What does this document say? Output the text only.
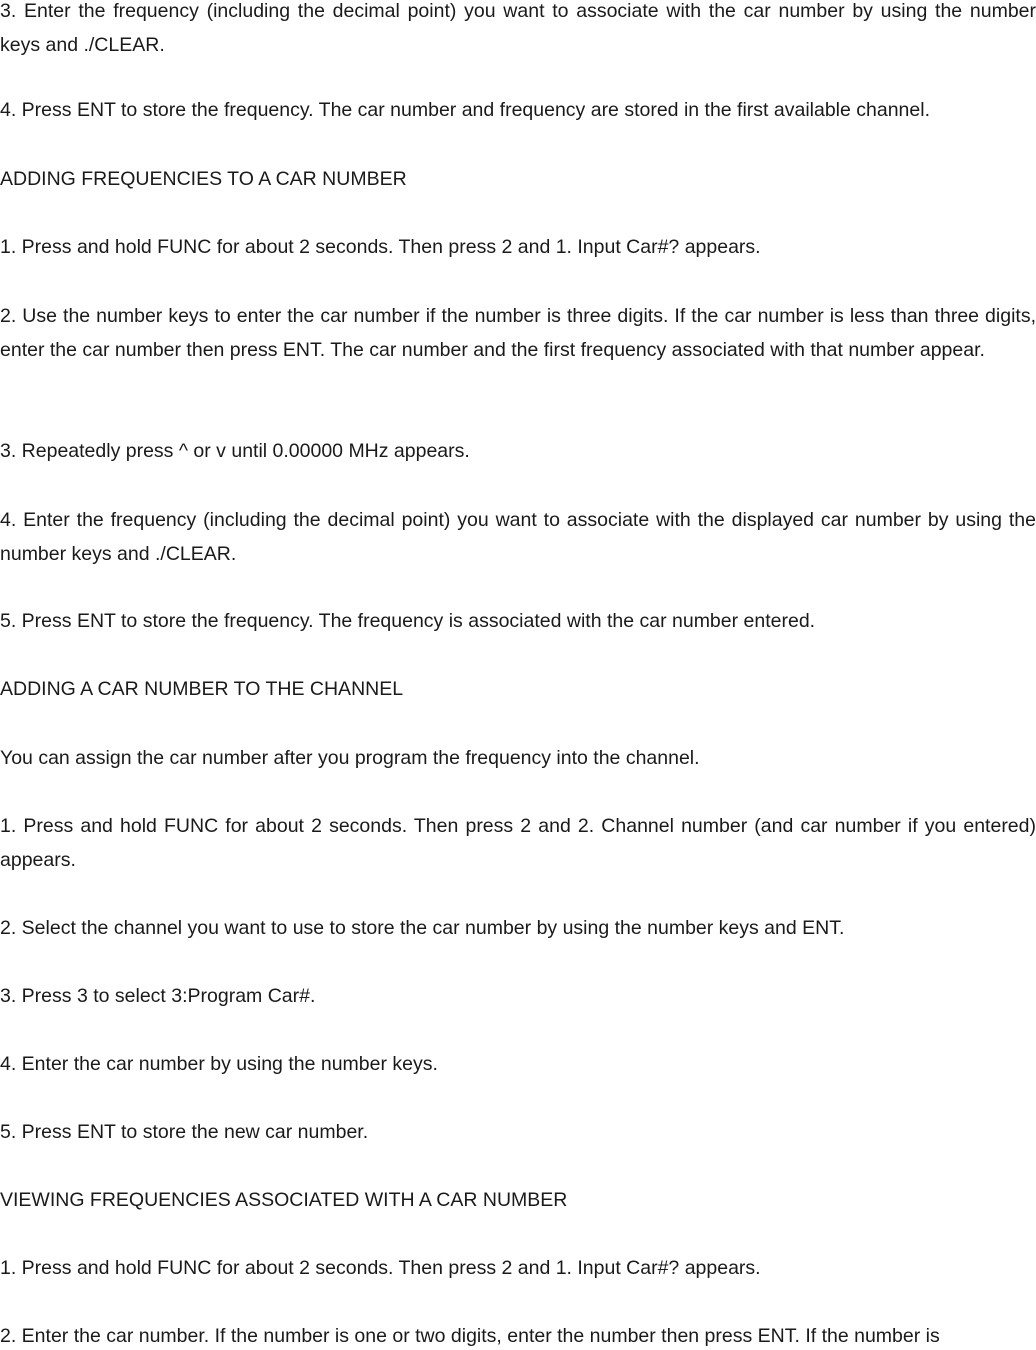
3. Enter the frequency (including the decimal point) you want to associate with the car number by using the number keys and ./CLEAR.

4. Press ENT to store the frequency. The car number and frequency are stored in the first available channel.

ADDING FREQUENCIES TO A CAR NUMBER

1. Press and hold FUNC for about 2 seconds. Then press 2 and 1. Input Car#? appears.

2. Use the number keys to enter the car number if the number is three digits. If the car number is less than three digits, enter the car number then press ENT. The car number and the first frequency associated with that number appear.

3. Repeatedly press ^ or v until 0.00000 MHz appears.

4. Enter the frequency (including the decimal point) you want to associate with the displayed car number by using the number keys and ./CLEAR.

5. Press ENT to store the frequency. The frequency is associated with the car number entered.

ADDING A CAR NUMBER TO THE CHANNEL

You can assign the car number after you program the frequency into the channel.

1. Press and hold FUNC for about 2 seconds. Then press 2 and 2. Channel number (and car number if you entered) appears.

2. Select the channel you want to use to store the car number by using the number keys and ENT.

3. Press 3 to select 3:Program Car#.

4. Enter the car number by using the number keys.

5. Press ENT to store the new car number.

VIEWING FREQUENCIES ASSOCIATED WITH A CAR NUMBER

1. Press and hold FUNC for about 2 seconds. Then press 2 and 1. Input Car#? appears.

2. Enter the car number. If the number is one or two digits, enter the number then press ENT. If the number is
